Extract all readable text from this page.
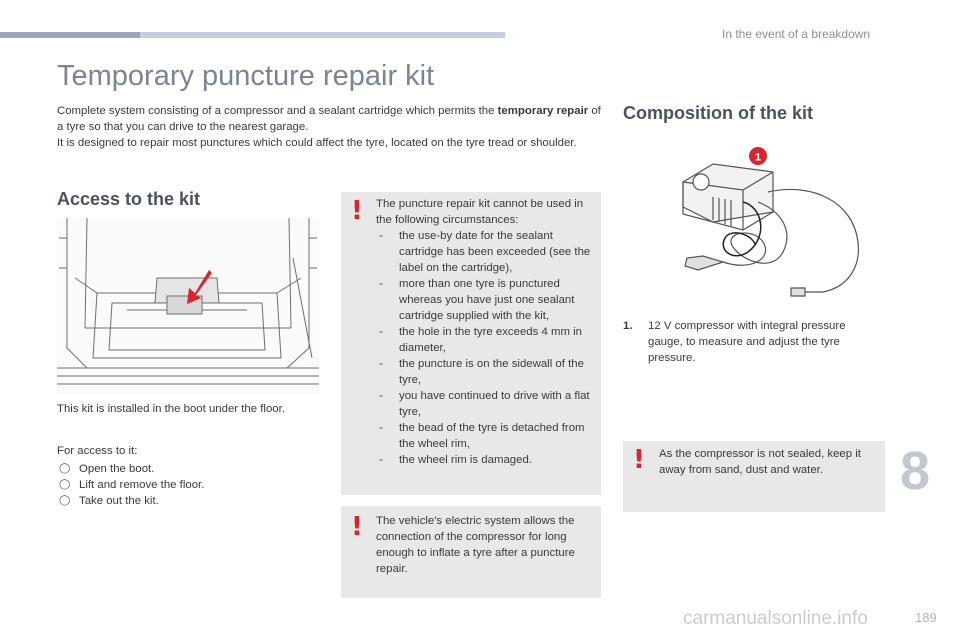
In the event of a breakdown
Temporary puncture repair kit

Complete system consisting of a compressor and a sealant cartridge which permits the temporary repair of a tyre so that you can drive to the nearest garage.
It is designed to repair most punctures which could affect the tyre, located on the tyre tread or shoulder.

Access to the kit
This kit is installed in the boot under the floor.
For access to it:
◯ Open the boot.
◯ Lift and remove the floor.
◯ Take out the kit.
! The puncture repair kit cannot be used in the following circumstances:
- the use-by date for the sealant cartridge has been exceeded (see the label on the cartridge),
- more than one tyre is punctured whereas you have just one sealant cartridge supplied with the kit,
- the hole in the tyre exceeds 4 mm in diameter,
- the puncture is on the sidewall of the tyre,
- you have continued to drive with a flat tyre,
- the bead of the tyre is detached from the wheel rim,
- the wheel rim is damaged.
! The vehicle's electric system allows the connection of the compressor for long enough to inflate a tyre after a puncture repair.
Composition of the kit
1
1.	12 V compressor with integral pressure gauge, to measure and adjust the tyre pressure.
! As the compressor is not sealed, keep it away from sand, dust and water.	8
carmanualsonline.info	189
